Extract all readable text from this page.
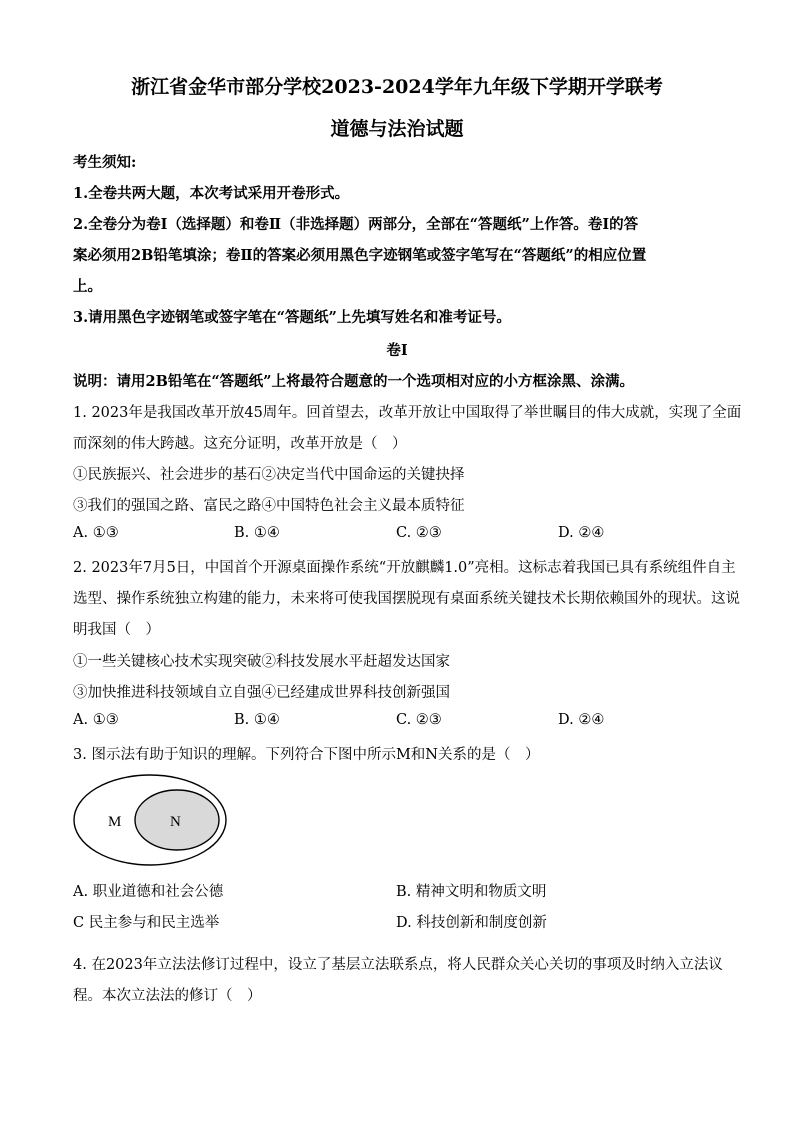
浙江省金华市部分学校2023-2024学年九年级下学期开学联考
道德与法治试题
考生须知:
1.全卷共两大题，本次考试采用开卷形式。
2.全卷分为卷Ⅰ（选择题）和卷Ⅱ（非选择题）两部分，全部在“答题纸”上作答。卷Ⅰ的答
案必须用2B铅笔填涂；卷Ⅱ的答案必须用黑色字迹钢笔或签字笔写在“答题纸”的相应位置
上。
3.请用黑色字迹钢笔或签字笔在“答题纸”上先填写姓名和准考证号。
卷Ⅰ
说明：请用2B铅笔在“答题纸”上将最符合题意的一个选项相对应的小方框涂黑、涂满。
1. 2023年是我国改革开放45周年。回首望去，改革开放让中国取得了举世瞩目的伟大成就，实现了全面
而深刻的伟大跨越。这充分证明，改革开放是（　）
①民族振兴、社会进步的基石②决定当代中国命运的关键抉择
③我们的强国之路、富民之路④中国特色社会主义最本质特征
A. ①③	B. ①④	C. ②③	D. ②④
2. 2023年7月5日，中国首个开源桌面操作系统“开放麒麟1.0”亮相。这标志着我国已具有系统组件自主
选型、操作系统独立构建的能力，未来将可使我国摆脱现有桌面系统关键技术长期依赖国外的现状。这说
明我国（　）
①一些关键核心技术实现突破②科技发展水平赶超发达国家
③加快推进科技领域自立自强④已经建成世界科技创新强国
A. ①③	B. ①④	C. ②③	D. ②④
3. 图示法有助于知识的理解。下列符合下图中所示M和N关系的是（　）
M	N
A. 职业道德和社会公德	B. 精神文明和物质文明
C 民主参与和民主选举	D. 科技创新和制度创新
4. 在2023年立法法修订过程中，设立了基层立法联系点，将人民群众关心关切的事项及时纳入立法议
程。本次立法法的修订（　）
